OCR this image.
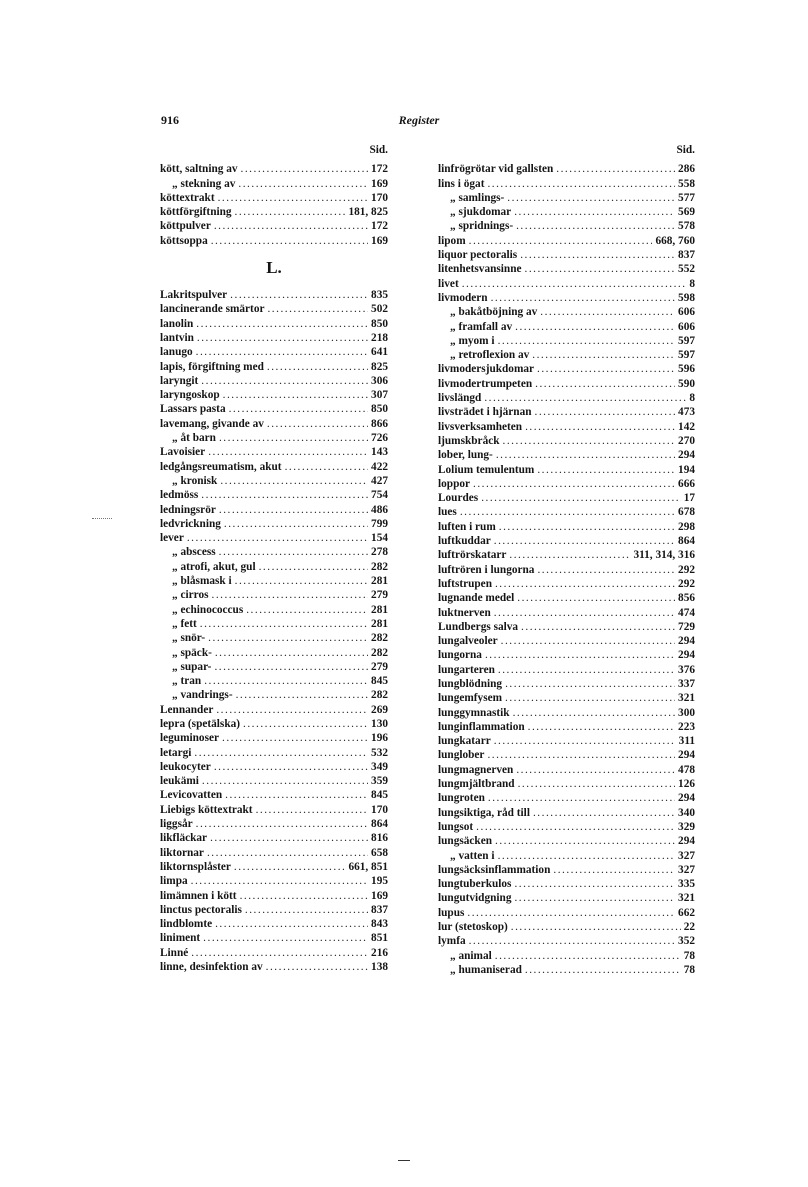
916	Register
Sid.
kött, saltning av .....	172
„ stekning av .....	169
köttextrakt .....	170
köttförgiftning .....	181, 825
köttpulver .....	172
köttsoppa .....	169
L.
Lakritspulver .....	835
lancinerande smärtor .....	502
lanolin .....	850
lantvin .....	218
lanugo .....	641
lapis, förgiftning med .....	825
laryngit .....	306
laryngoskop .....	307
Lassars pasta .....	850
lavemang, givande av .....	866
„ åt barn .....	726
Lavoisier .....	143
ledgångsreumatism, akut .....	422
„ kronisk .....	427
ledmöss .....	754
ledningsrör .....	486
ledvrickning .....	799
lever .....	154
„ abscess .....	278
„ atrofi, akut, gul .....	282
„ blåsmask i .....	281
„ cirros .....	279
„ echinococcus .....	281
„ fett .....	281
„ snör- .....	282
„ späck- .....	282
„ supar- .....	279
„ tran .....	845
„ vandrings- .....	282
Lennander .....	269
lepra (spetälska) .....	130
leguminoser .....	196
letargi .....	532
leukocyter .....	349
leukämi .....	359
Levicovatten .....	845
Liebigs köttextrakt .....	170
liggsår .....	864
likfläckar .....	816
liktornar .....	658
liktornsplåster .....	661, 851
limpa .....	195
limämnen i kött .....	169
linctus pectoralis .....	837
lindblomte .....	843
liniment .....	851
Linné .....	216
linne, desinfektion av .....	138
Sid.
linfrögrötar vid gallsten .....	286
lins i ögat .....	558
„ samlings- .....	577
„ sjukdomar .....	569
„ spridnings- .....	578
lipom .....	668, 760
liquor pectoralis .....	837
litenhetsvansinne .....	552
livet .....	8
livmodern .....	598
„ bakåtböjning av .....	606
„ framfall av .....	606
„ myom i .....	597
„ retroflexion av .....	597
livmodersjukdomar .....	596
livmodertrumpeten .....	590
livslängd .....	8
livsträdet i hjärnan .....	473
livsverksamheten .....	142
ljumskbråck .....	270
lober, lung- .....	294
Lolium temulentum .....	194
loppor .....	666
Lourdes .....	17
lues .....	678
luften i rum .....	298
luftkuddar .....	864
luftrörskatarr .....	311, 314, 316
luftrören i lungorna .....	292
luftstrupen .....	292
lugnande medel .....	856
luktnerven .....	474
Lundbergs salva .....	729
lungalveoler .....	294
lungorna .....	294
lungarteren .....	376
lungblödning .....	337
lungemfysem .....	321
lunggymnastik .....	300
lunginflammation .....	223
lungkatarr .....	311
lunglober .....	294
lungmagnerven .....	478
lungmjältbrand .....	126
lungroten .....	294
lungsiktiga, råd till .....	340
lungsot .....	329
lungsäcken .....	294
„ vatten i .....	327
lungsäcksinflammation .....	327
lungtuberkulos .....	335
lungutvidgning .....	321
lupus .....	662
lur (stetoskop) .....	22
lymfa .....	352
„ animal .....	78
„ humaniserad .....	78
